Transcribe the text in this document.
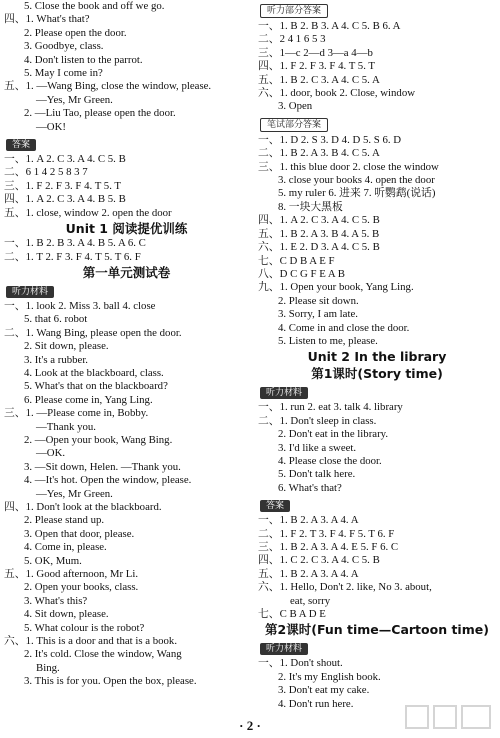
5. Close the book and off we go.
四、1. What's that?
2. Please open the door.
3. Goodbye, class.
4. Don't listen to the parrot.
5. May I come in?
五、1. —Wang Bing, close the window, please.
—Yes, Mr Green.
2. —Liu Tao, please open the door.
—OK!
答案
一、1. A 2. C 3. A 4. C 5. B
二、6 1 4 2 5 8 3 7
三、1. F 2. F 3. F 4. T 5. T
四、1. A 2. C 3. A 4. B 5. B
五、1. close, window 2. open the door
Unit 1 阅读提优训练
一、1. B 2. B 3. A 4. B 5. A 6. C
二、1. T 2. F 3. F 4. T 5. T 6. F
第一单元测试卷
听力材料
一、1. look 2. Miss 3. ball 4. close
5. that 6. robot
二、1. Wang Bing, please open the door.
2. Sit down, please.
3. It's a rubber.
4. Look at the blackboard, class.
5. What's that on the blackboard?
6. Please come in, Yang Ling.
三、1. —Please come in, Bobby.
—Thank you.
2. —Open your book, Wang Bing.
—OK.
3. —Sit down, Helen. —Thank you.
4. —It's hot. Open the window, please.
—Yes, Mr Green.
四、1. Don't look at the blackboard.
2. Please stand up.
3. Open that door, please.
4. Come in, please.
5. OK, Mum.
五、1. Good afternoon, Mr Li.
2. Open your books, class.
3. What's this?
4. Sit down, please.
5. What colour is the robot?
六、1. This is a door and that is a book.
2. It's cold. Close the window, Wang
Bing.
3. This is for you. Open the box, please.
听力部分答案
一、1. B 2. B 3. A 4. C 5. B 6. A
二、2 4 1 6 5 3
三、1—c 2—d 3—a 4—b
四、1. F 2. F 3. F 4. T 5. T
五、1. B 2. C 3. A 4. C 5. A
六、1. door, book 2. Close, window
3. Open
笔试部分答案
一、1. D 2. S 3. D 4. D 5. S 6. D
二、1. B 2. A 3. B 4. C 5. A
三、1. this blue door 2. close the window
3. close your books 4. open the door
5. my ruler 6. 进来 7. 听鹦鹉(说话)
8. 一块大黑板
四、1. A 2. C 3. A 4. C 5. B
五、1. B 2. A 3. B 4. A 5. B
六、1. E 2. D 3. A 4. C 5. B
七、C D B A E F
八、D C G F E A B
九、1. Open your book, Yang Ling.
2. Please sit down.
3. Sorry, I am late.
4. Come in and close the door.
5. Listen to me, please.
Unit 2 In the library
第1课时(Story time)
听力材料
一、1. run 2. eat 3. talk 4. library
二、1. Don't sleep in class.
2. Don't eat in the library.
3. I'd like a sweet.
4. Please close the door.
5. Don't talk here.
6. What's that?
答案
一、1. B 2. A 3. A 4. A
二、1. F 2. T 3. F 4. F 5. T 6. F
三、1. B 2. A 3. A 4. E 5. F 6. C
四、1. C 2. C 3. A 4. C 5. B
五、1. B 2. A 3. A 4. A
六、1. Hello, Don't 2. like, No 3. about,
eat, sorry
七、C B A D E
第2课时(Fun time—Cartoon time)
听力材料
一、1. Don't shout.
2. It's my English book.
3. Don't eat my cake.
4. Don't run here.
· 2 ·
